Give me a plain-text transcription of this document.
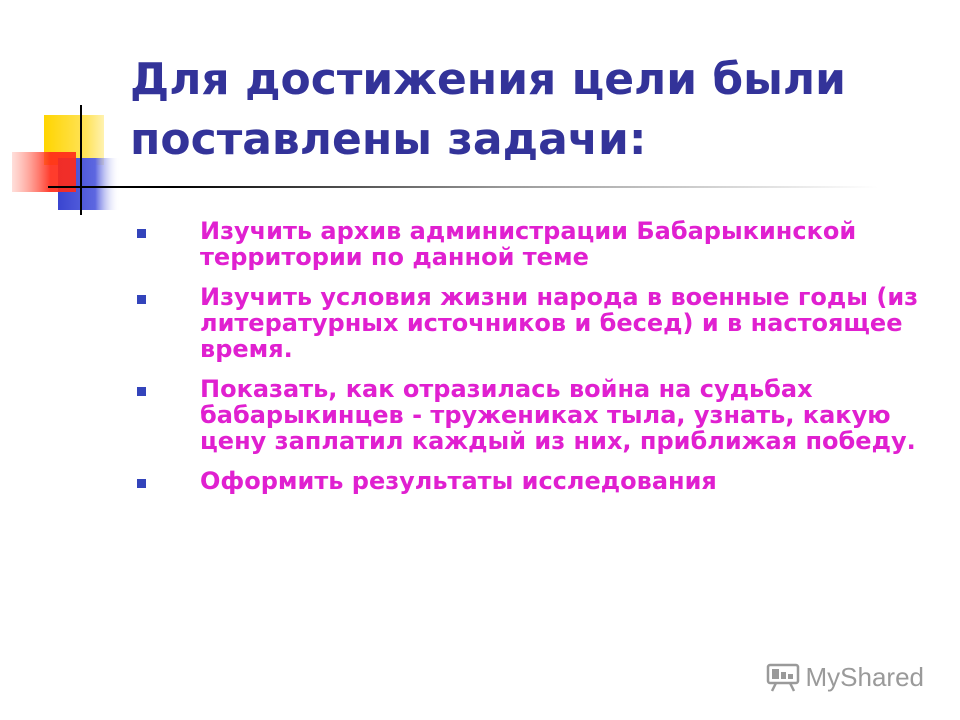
Для достижения цели были поставлены задачи:
Изучить архив администрации Бабарыкинской территории по данной теме
Изучить условия жизни народа в военные годы (из литературных источников и бесед) и в настоящее время.
Показать, как отразилась война на судьбах бабарыкинцев - тружениках тыла, узнать, какую цену заплатил каждый из них, приближая победу.
Оформить результаты исследования
MyShared
